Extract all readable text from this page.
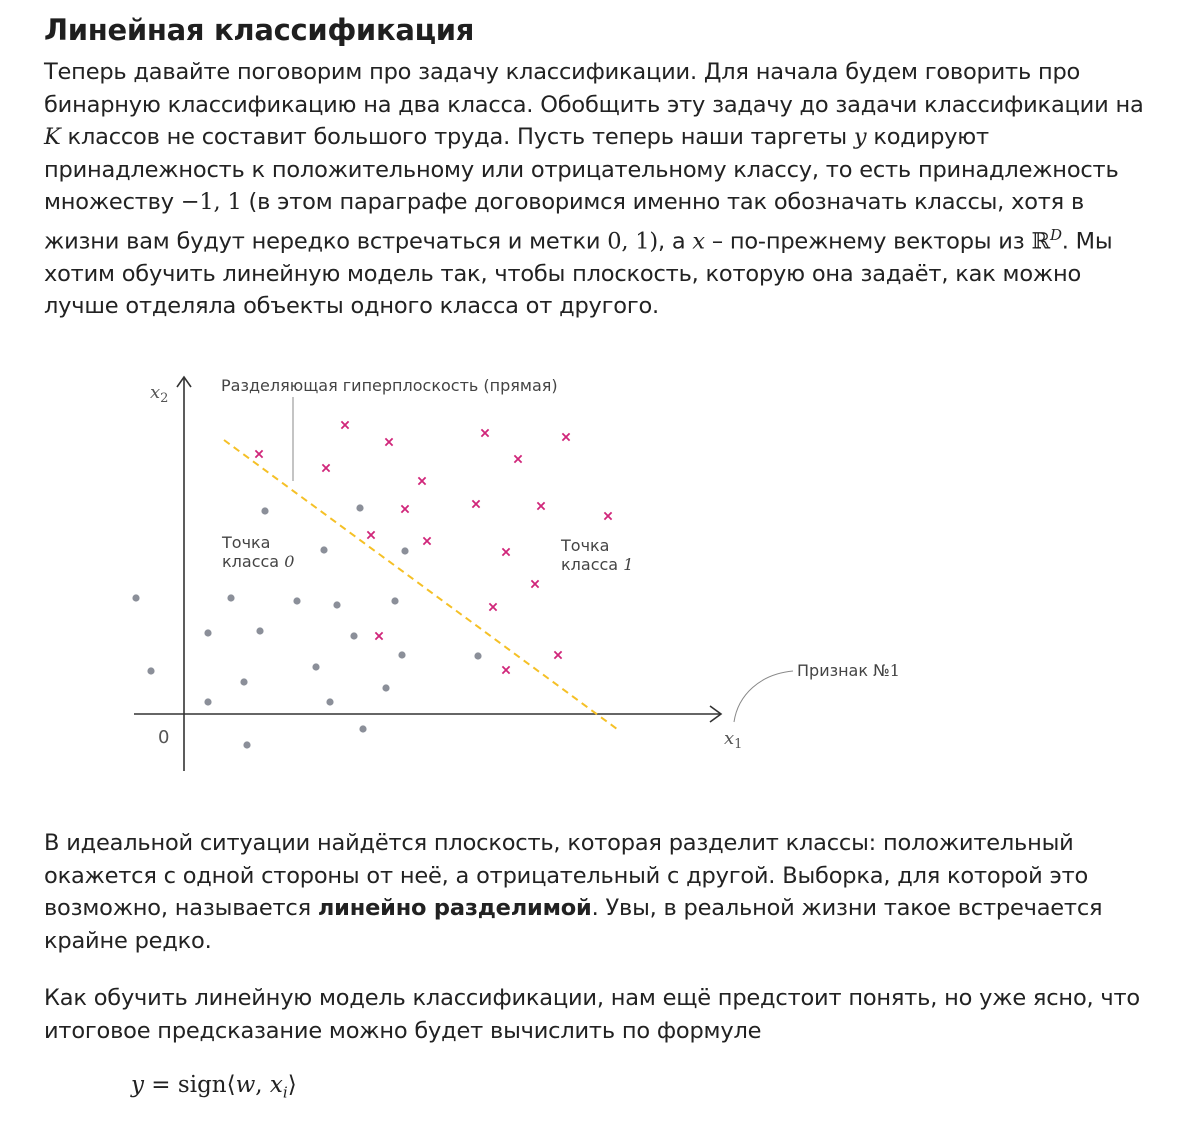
Линейная классификация

Теперь давайте поговорим про задачу классификации. Для начала будем говорить про бинарную классификацию на два класса. Обобщить эту задачу до задачи классификации на K классов не составит большого труда. Пусть теперь наши таргеты y кодируют принадлежность к положительному или отрицательному классу, то есть принадлежность множеству −1, 1 (в этом параграфе договоримся именно так обозначать классы, хотя в жизни вам будут нередко встречаться и метки 0, 1), а x – по-прежнему векторы из ℝ$^D$. Мы хотим обучить линейную модель так, чтобы плоскость, которую она задаёт, как можно лучше отделяла объекты одного класса от другого.

$x_2$
Разделяющая гиперплоскость (прямая)
Точка
класса 0
Точка
класса 1
Признак №1
0	$x_1$

В идеальной ситуации найдётся плоскость, которая разделит классы: положительный окажется с одной стороны от неё, а отрицательный с другой. Выборка, для которой это возможно, называется линейно разделимой. Увы, в реальной жизни такое встречается крайне редко.

Как обучить линейную модель классификации, нам ещё предстоит понять, но уже ясно, что итоговое предсказание можно будет вычислить по формуле

y = sign⟨w, $x_i⟩$
